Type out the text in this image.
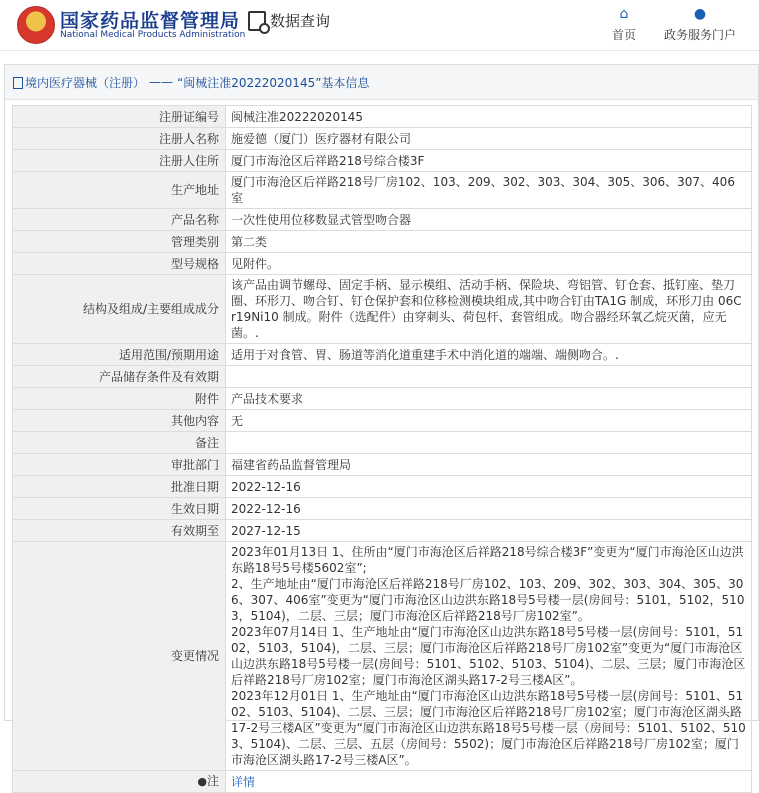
国家药品监督管理局
National Medical Products Administration
数据查询	⌂
首页
●
政务服务门户
境内医疗器械（注册） —— “闽械注准20222020145”基本信息
注册证编号	闽械注准20222020145
注册人名称	施爱德（厦门）医疗器材有限公司
注册人住所	厦门市海沧区后祥路218号综合楼3F
生产地址	厦门市海沧区后祥路218号厂房102、103、209、302、303、304、305、306、307、406室
产品名称	一次性使用位移数显式管型吻合器
管理类别	第二类
型号规格	见附件。
结构及组成/主要组成成分	该产品由调节螺母、固定手柄、显示模组、活动手柄、保险块、弯铝管、钉仓套、抵钉座、垫刀圈、环形刀、吻合钉、钉仓保护套和位移检测模块组成,其中吻合钉由TA1G 制成，环形刀由 06Cr19Ni10 制成。附件（选配件）由穿刺头、荷包杆、套管组成。吻合器经环氧乙烷灭菌，应无菌。.
适用范围/预期用途	适用于对食管、胃、肠道等消化道重建手术中消化道的端端、端侧吻合。.
产品储存条件及有效期	
附件	产品技术要求
其他内容	无
备注	
审批部门	福建省药品监督管理局
批准日期	2022-12-16
生效日期	2022-12-16
有效期至	2027-12-15
变更情况	2023年01月13日 1、住所由“厦门市海沧区后祥路218号综合楼3F”变更为“厦门市海沧区山边洪东路18号5号楼5602室”;
2、生产地址由“厦门市海沧区后祥路218号厂房102、103、209、302、303、304、305、306、307、406室”变更为“厦门市海沧区山边洪东路18号5号楼一层(房间号：5101，5102，5103，5104)，二层、三层；厦门市海沧区后祥路218号厂房102室”。
2023年07月14日 1、生产地址由“厦门市海沧区山边洪东路18号5号楼一层(房间号：5101，5102，5103，5104)，二层、三层；厦门市海沧区后祥路218号厂房102室”变更为“厦门市海沧区山边洪东路18号5号楼一层(房间号：5101、5102、5103、5104)、二层、三层；厦门市海沧区后祥路218号厂房102室；厦门市海沧区湖头路17-2号三楼A区”。
2023年12月01日 1、生产地址由“厦门市海沧区山边洪东路18号5号楼一层(房间号：5101、5102、5103、5104)、二层、三层；厦门市海沧区后祥路218号厂房102室；厦门市海沧区湖头路17-2号三楼A区”变更为“厦门市海沧区山边洪东路18号5号楼一层（房间号：5101、5102、5103、5104)、二层、三层、五层（房间号：5502)；厦门市海沧区后祥路218号厂房102室；厦门市海沧区湖头路17-2号三楼A区”。
●注	详情
